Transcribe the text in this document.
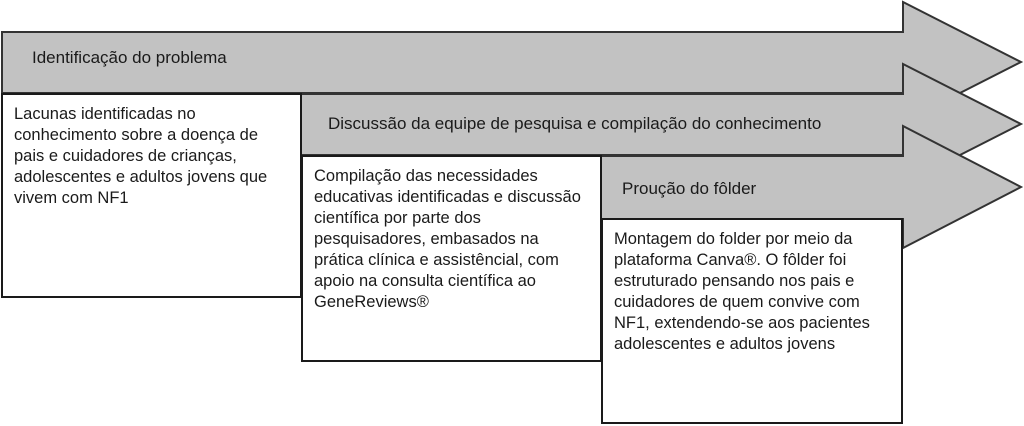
Identificação do problema
Discussão da equipe de pesquisa e compilação do conhecimento
Proução do fôlder

Lacunas identificadas no conhecimento sobre a doença de pais e cuidadores de crianças, adolescentes e adultos jovens que vivem com NF1

Compilação das necessidades educativas identificadas e discussão científica por parte dos pesquisadores, embasados na prática clínica e assistêncial, com apoio na consulta científica ao GeneReviews®

Montagem do folder por meio da plataforma Canva®. O fôlder foi estruturado pensando nos pais e cuidadores de quem convive com NF1, extendendo-se aos pacientes adolescentes e adultos jovens
